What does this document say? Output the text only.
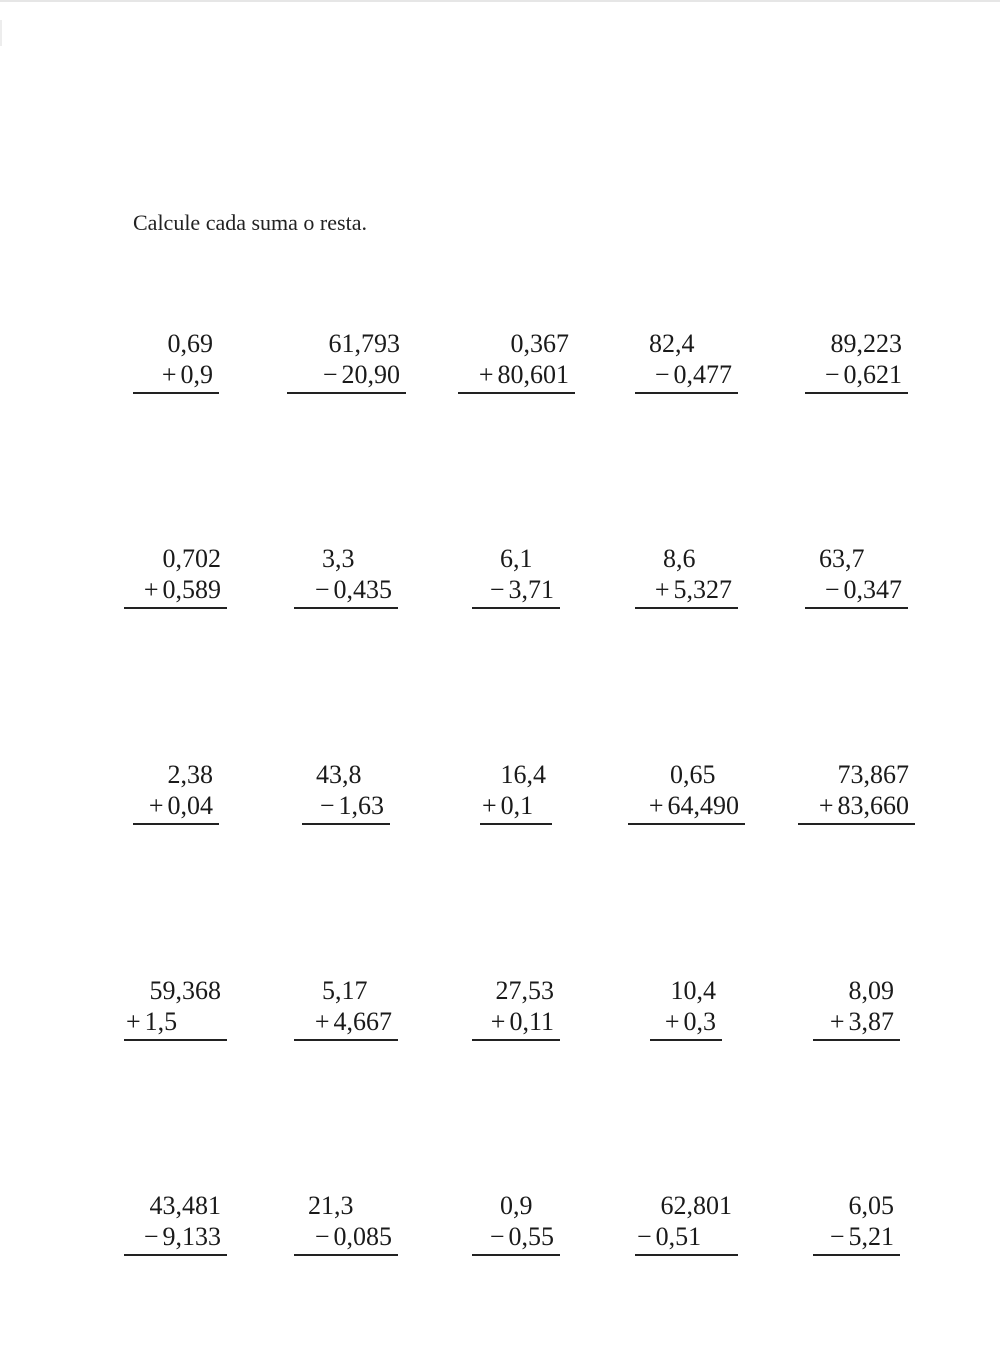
Calcule cada suma o resta.
0,69
+ 0,9
61,793
− 20,90
0,367
+ 80,601
82,4
− 0,477
89,223
− 0,621
0,702
+ 0,589
3,3
− 0,435
6,1
− 3,71
8,6
+ 5,327
63,7
− 0,347
2,38
+ 0,04
43,8
− 1,63
16,4
+ 0,1
0,65
+ 64,490
73,867
+ 83,660
59,368
+ 1,5
5,17
+ 4,667
27,53
+ 0,11
10,4
+ 0,3
8,09
+ 3,87
43,481
− 9,133
21,3
− 0,085
0,9
− 0,55
62,801
− 0,51
6,05
− 5,21
